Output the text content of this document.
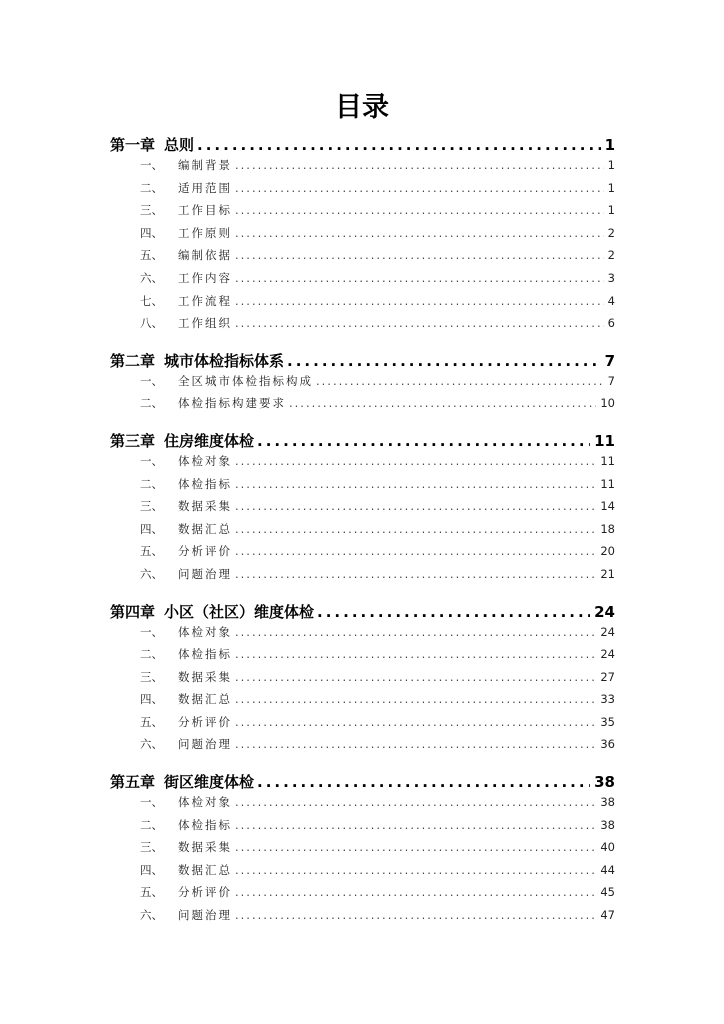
目录
第一章 总则 .....	1
一、	编制背景 .....	1
二、	适用范围 .....	1
三、	工作目标 .....	1
四、	工作原则 .....	2
五、	编制依据 .....	2
六、	工作内容 .....	3
七、	工作流程 .....	4
八、	工作组织 .....	6
第二章 城市体检指标体系 .....	7
一、	全区城市体检指标构成 .....	7
二、	体检指标构建要求 .....	10
第三章 住房维度体检 .....	11
一、	体检对象 .....	11
二、	体检指标 .....	11
三、	数据采集 .....	14
四、	数据汇总 .....	18
五、	分析评价 .....	20
六、	问题治理 .....	21
第四章 小区（社区）维度体检 .....	24
一、	体检对象 .....	24
二、	体检指标 .....	24
三、	数据采集 .....	27
四、	数据汇总 .....	33
五、	分析评价 .....	35
六、	问题治理 .....	36
第五章 街区维度体检 .....	38
一、	体检对象 .....	38
二、	体检指标 .....	38
三、	数据采集 .....	40
四、	数据汇总 .....	44
五、	分析评价 .....	45
六、	问题治理 .....	47
